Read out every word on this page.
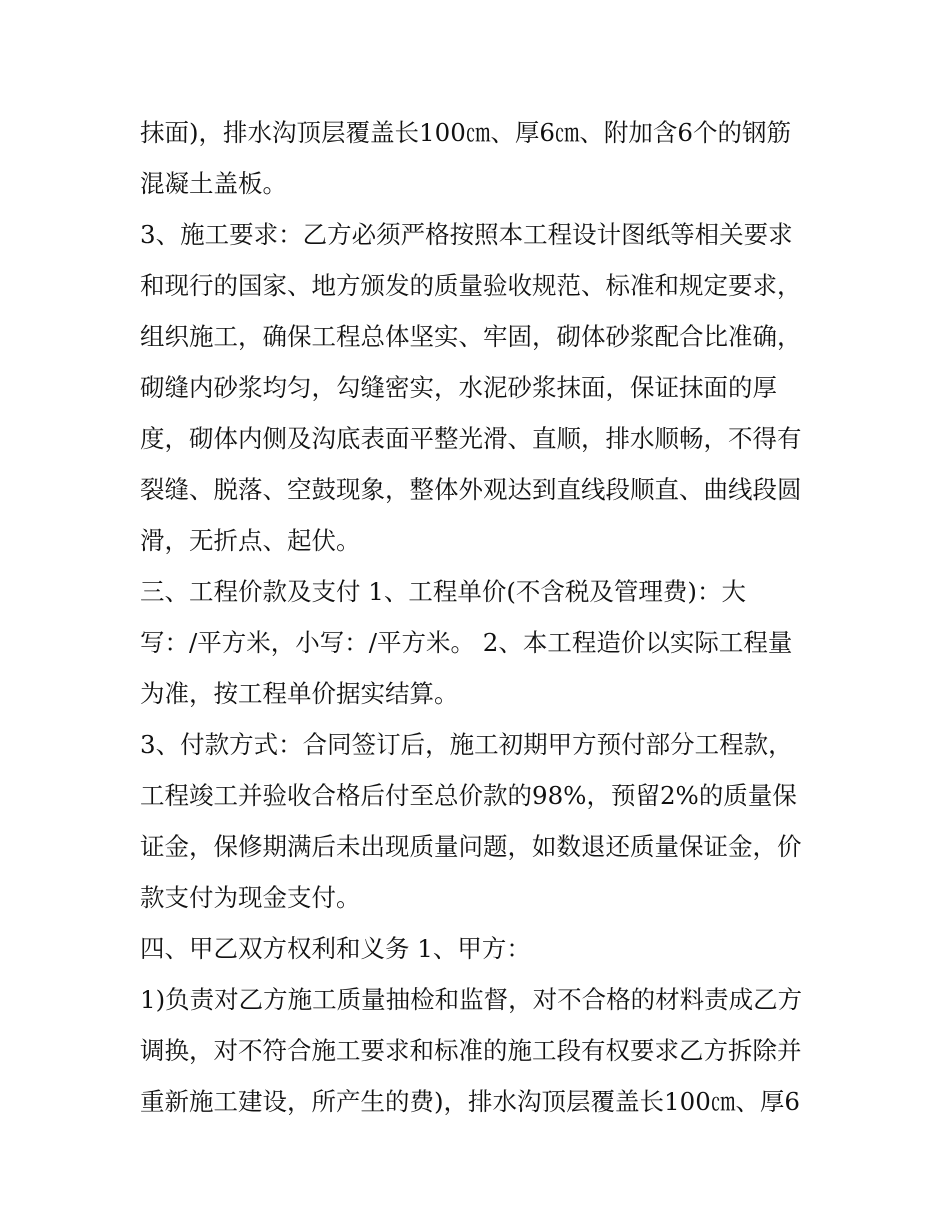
抹面)，排水沟顶层覆盖长100㎝、厚6㎝、附加含6个的钢筋
混凝土盖板。
3、施工要求：乙方必须严格按照本工程设计图纸等相关要求
和现行的国家、地方颁发的质量验收规范、标准和规定要求，
组织施工，确保工程总体坚实、牢固，砌体砂浆配合比准确，
砌缝内砂浆均匀，勾缝密实，水泥砂浆抹面，保证抹面的厚
度，砌体内侧及沟底表面平整光滑、直顺，排水顺畅，不得有
裂缝、脱落、空鼓现象，整体外观达到直线段顺直、曲线段圆
滑，无折点、起伏。
三、工程价款及支付 1、工程单价(不含税及管理费)：大
写：/平方米，小写：/平方米。 2、本工程造价以实际工程量
为准，按工程单价据实结算。
3、付款方式：合同签订后，施工初期甲方预付部分工程款，
工程竣工并验收合格后付至总价款的98%，预留2%的质量保
证金，保修期满后未出现质量问题，如数退还质量保证金，价
款支付为现金支付。
四、甲乙双方权利和义务 1、甲方：
1)负责对乙方施工质量抽检和监督，对不合格的材料责成乙方
调换，对不符合施工要求和标准的施工段有权要求乙方拆除并
重新施工建设，所产生的费)，排水沟顶层覆盖长100㎝、厚6
